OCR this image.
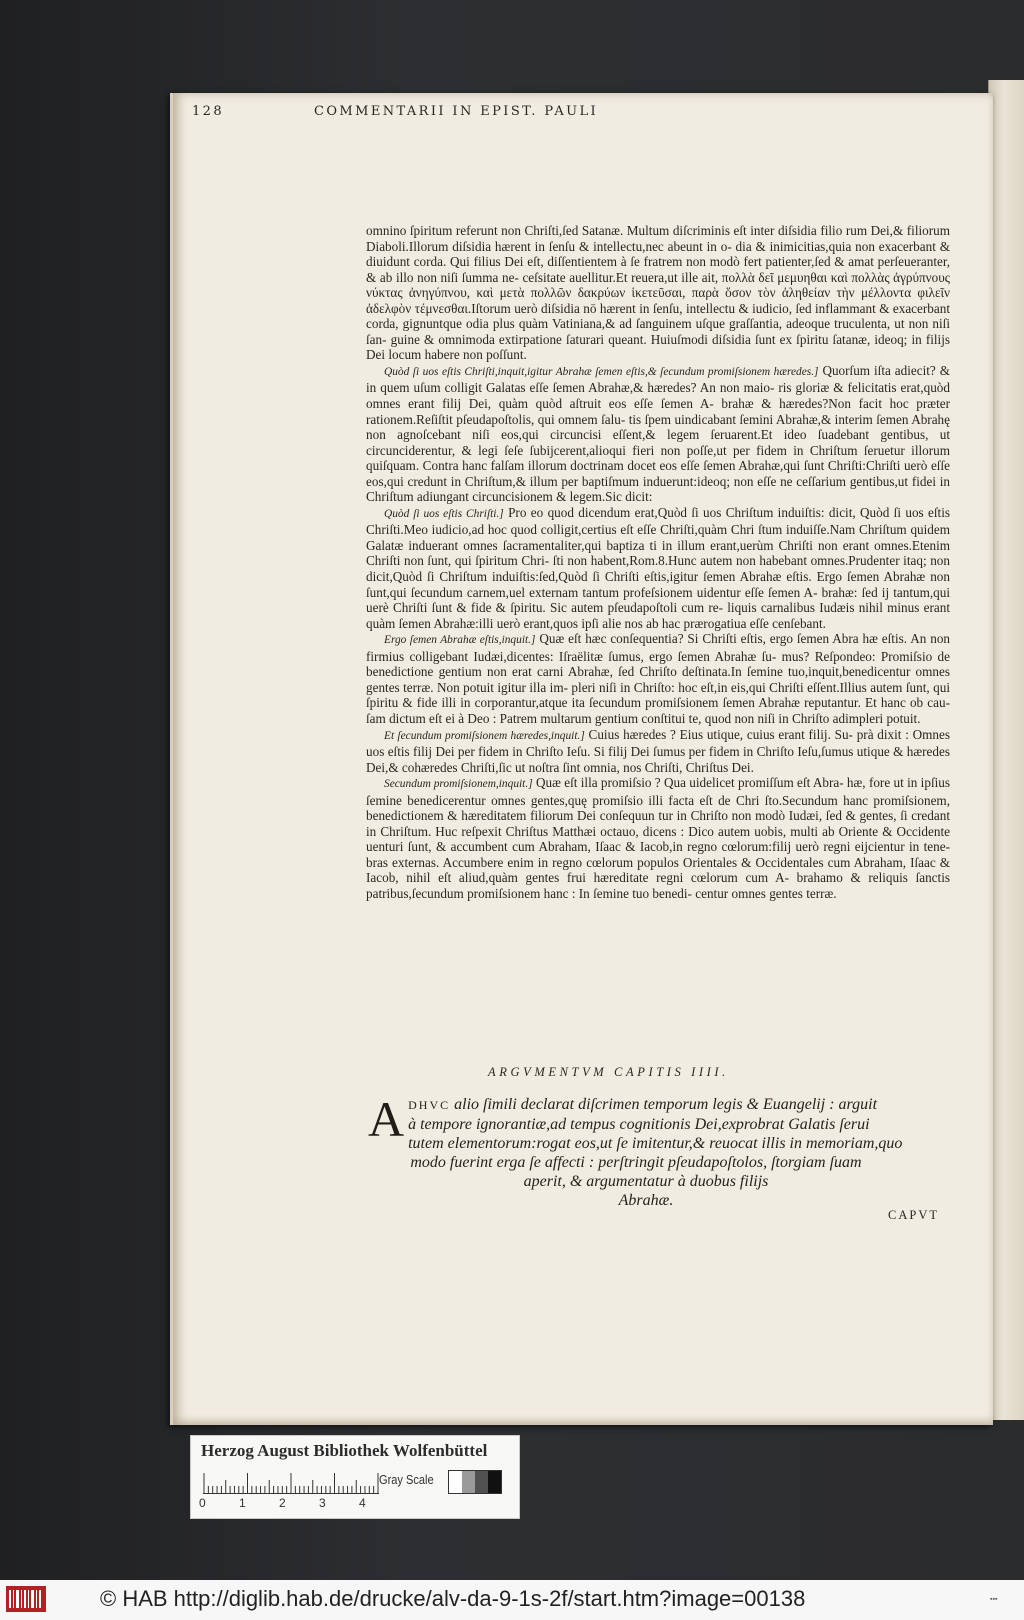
128	COMMENTARII IN EPIST. PAULI

omnino ſpiritum referunt non Chriſti,ſed Satanæ. Multum diſcriminis eſt inter diſsidia filio rum Dei,& filiorum Diaboli.Illorum diſsidia hærent in ſenſu & intellectu,nec abeunt in o- dia & inimicitias,quia non exacerbant & diuidunt corda. Qui filius Dei eſt, diſſentientem à ſe fratrem non modò fert patienter,ſed & amat perſeueranter, & ab illo non niſi ſumma ne- ceſsitate auellitur.Et reuera,ut ille ait, πολλὰ δεῖ μεμυηθαι καὶ πολλὰς ἀγρύπνους νύκτας ἀνηγύπνου, καὶ μετὰ πολλῶν δακρύων ἱκετεῦσαι, παρὰ ὅσον τὸν ἀληθείαν τὴν μέλλοντα φιλεῖν ἀδελφὸν τέμνεσθαι.Iſtorum uerò diſsidia nō hærent in ſenſu, intellectu & iudicio, ſed inflammant & exacerbant corda, gignuntque odia plus quàm Vatiniana,& ad ſanguinem uſque graſſantia, adeoque truculenta, ut non niſi ſan- guine & omnimoda extirpatione ſaturari queant. Huiuſmodi diſsidia ſunt ex ſpiritu ſatanæ, ideoq; in filijs Dei locum habere non poſſunt.

Quòd ſi uos eſtis Chriſti,inquit,igitur Abrahæ ſemen eſtis,& ſecundum promiſsionem hæredes.] Quorſum iſta adiecit? & in quem uſum colligit Galatas eſſe ſemen Abrahæ,& hæredes? An non maio- ris gloriæ & felicitatis erat,quòd omnes erant filij Dei, quàm quòd aſtruit eos eſſe ſemen A- brahæ & hæredes?Non facit hoc præter rationem.Reſiſtit pſeudapoſtolis, qui omnem ſalu- tis ſpem uindicabant ſemini Abrahæ,& interim ſemen Abrahę non agnoſcebant niſi eos,qui circuncisi eſſent,& legem ſeruarent.Et ideo ſuadebant gentibus, ut circunciderentur, & legi ſeſe ſubijcerent,alioqui fieri non poſſe,ut per fidem in Chriſtum ſeruetur illorum quiſquam. Contra hanc falſam illorum doctrinam docet eos eſſe ſemen Abrahæ,qui ſunt Chriſti:Chriſti uerò eſſe eos,qui credunt in Chriſtum,& illum per baptiſmum induerunt:ideoq; non eſſe ne ceſſarium gentibus,ut fidei in Chriſtum adiungant circuncisionem & legem.Sic dicit:

Quòd ſi uos eſtis Chriſti.] Pro eo quod dicendum erat,Quòd ſi uos Chriſtum induiſtis: dicit, Quòd ſi uos eſtis Chriſti.Meo iudicio,ad hoc quod colligit,certius eſt eſſe Chriſti,quàm Chri ſtum induiſſe.Nam Chriſtum quidem Galatæ induerant omnes ſacramentaliter,qui baptiza ti in illum erant,uerùm Chriſti non erant omnes.Etenim Chriſti non ſunt, qui ſpiritum Chri- ſti non habent,Rom.8.Hunc autem non habebant omnes.Prudenter itaq; non dicit,Quòd ſi Chriſtum induiſtis:ſed,Quòd ſi Chriſti eſtis,igitur ſemen Abrahæ eſtis. Ergo ſemen Abrahæ non ſunt,qui ſecundum carnem,uel externam tantum profeſsionem uidentur eſſe ſemen A- brahæ: ſed ij tantum,qui uerè Chriſti ſunt & fide & ſpiritu. Sic autem pſeudapoſtoli cum re- liquis carnalibus Iudæis nihil minus erant quàm ſemen Abrahæ:illi uerò erant,quos ipſi alie nos ab hac prærogatiua eſſe cenſebant.

Ergo ſemen Abrahæ eſtis,inquit.] Quæ eſt hæc conſequentia? Si Chriſti eſtis, ergo ſemen Abra hæ eſtis. An non firmius colligebant Iudæi,dicentes: Iſraëlitæ ſumus, ergo ſemen Abrahæ ſu- mus? Reſpondeo: Promiſsio de benedictione gentium non erat carni Abrahæ, ſed Chriſto deſtinata.In ſemine tuo,inquit,benedicentur omnes gentes terræ. Non potuit igitur illa im- pleri niſi in Chriſto: hoc eſt,in eis,qui Chriſti eſſent.Illius autem ſunt, qui ſpiritu & fide illi in corporantur,atque ita ſecundum promiſsionem ſemen Abrahæ reputantur. Et hanc ob cau- ſam dictum eſt ei à Deo : Patrem multarum gentium conſtitui te, quod non niſi in Chriſto adimpleri potuit.

Et ſecundum promiſsionem hæredes,inquit.] Cuius hæredes ? Eius utique, cuius erant filij. Su- prà dixit : Omnes uos eſtis filij Dei per fidem in Chriſto Ieſu. Si filij Dei ſumus per fidem in Chriſto Ieſu,ſumus utique & hæredes Dei,& cohæredes Chriſti,ſic ut noſtra ſint omnia, nos Chriſti, Chriſtus Dei.

Secundum promiſsionem,inquit.] Quæ eſt illa promiſsio ? Qua uidelicet promiſſum eſt Abra- hæ, fore ut in ipſius ſemine benedicerentur omnes gentes,quę promiſsio illi facta eſt de Chri ſto.Secundum hanc promiſsionem, benedictionem & hæreditatem filiorum Dei conſequun tur in Chriſto non modò Iudæi, ſed & gentes, ſi credant in Chriſtum. Huc reſpexit Chriſtus Matthæi octauo, dicens : Dico autem uobis, multi ab Oriente & Occidente uenturi ſunt, & accumbent cum Abraham, Iſaac & Iacob,in regno cœlorum:filij uerò regni eijcientur in tene- bras externas. Accumbere enim in regno cœlorum populos Orientales & Occidentales cum Abraham, Iſaac & Iacob, nihil eſt aliud,quàm gentes frui hæreditate regni cœlorum cum A- brahamo & reliquis ſanctis patribus,ſecundum promiſsionem hanc : In ſemine tuo benedi- centur omnes gentes terræ.

ARGVMENTVM CAPITIS IIII.
A DHVC alio ſimili declarat diſcrimen temporum legis & Euangelij : arguit
à tempore ignorantiæ,ad tempus cognitionis Dei,exprobrat Galatis ſerui
tutem elementorum:rogat eos,ut ſe imitentur,& reuocat illis in memoriam,quo
modo fuerint erga ſe affecti : perſtringit pſeudapoſtolos, ſtorgiam ſuam
aperit, & argumentatur à duobus filijs
Abrahæ.
CAPVT
Herzog August Bibliothek Wolfenbüttel
0	1	2	3	4
Gray Scale
© HAB http://diglib.hab.de/drucke/alv-da-9-1s-2f/start.htm?image=00138	▪▪▪
